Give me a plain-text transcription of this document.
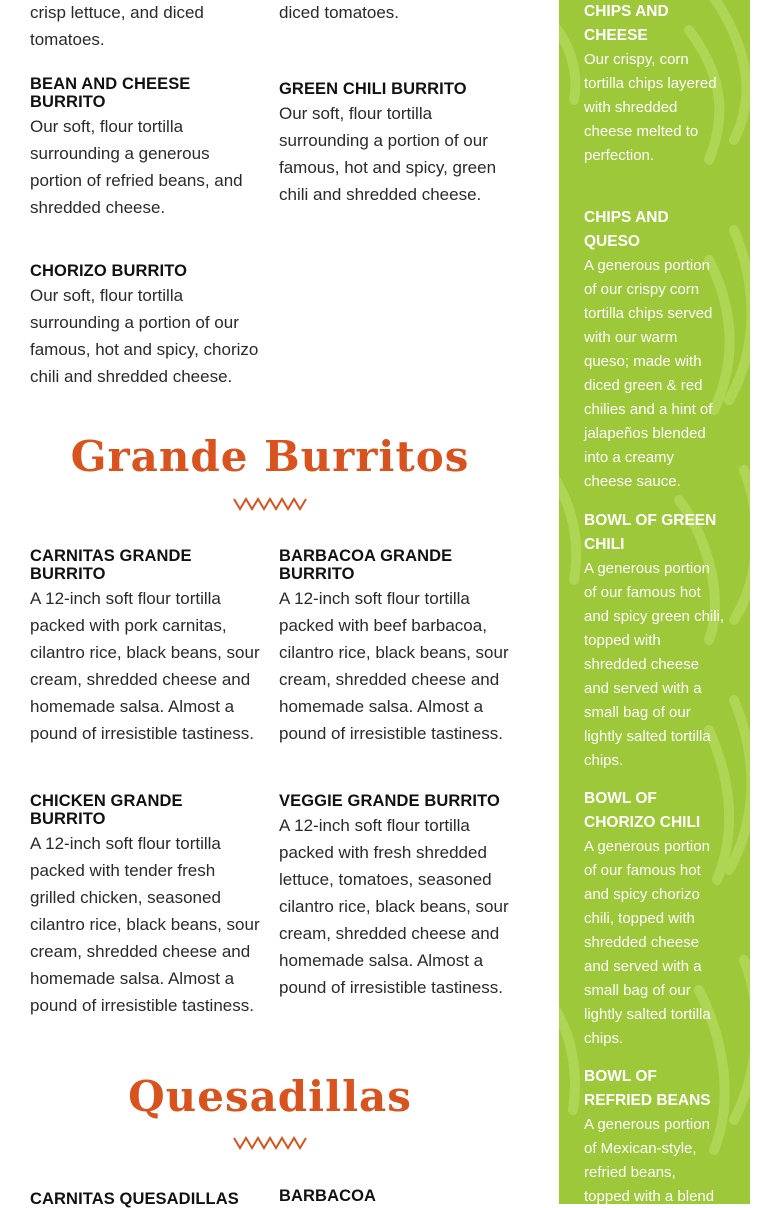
crisp lettuce, and diced tomatoes.

diced tomatoes.

BEAN AND CHEESE BURRITO

Our soft, flour tortilla surrounding a generous portion of refried beans, and shredded cheese.

GREEN CHILI BURRITO

Our soft, flour tortilla surrounding a portion of our famous, hot and spicy, green chili and shredded cheese.

CHORIZO BURRITO

Our soft, flour tortilla surrounding a portion of our famous, hot and spicy, chorizo chili and shredded cheese.

Grande Burritos
CARNITAS GRANDE BURRITO

A 12-inch soft flour tortilla packed with pork carnitas, cilantro rice, black beans, sour cream, shredded cheese and homemade salsa. Almost a pound of irresistible tastiness.

BARBACOA GRANDE BURRITO

A 12-inch soft flour tortilla packed with beef barbacoa, cilantro rice, black beans, sour cream, shredded cheese and homemade salsa. Almost a pound of irresistible tastiness.

CHICKEN GRANDE BURRITO

A 12-inch soft flour tortilla packed with tender fresh grilled chicken, seasoned cilantro rice, black beans, sour cream, shredded cheese and homemade salsa. Almost a pound of irresistible tastiness.

VEGGIE GRANDE BURRITO

A 12-inch soft flour tortilla packed with fresh shredded lettuce, tomatoes, seasoned cilantro rice, black beans, sour cream, shredded cheese and homemade salsa. Almost a pound of irresistible tastiness.

Quesadillas
CARNITAS QUESADILLAS	BARBACOA
CHIPS AND CHEESE

Our crispy, corn tortilla chips layered with shredded cheese melted to perfection.

CHIPS AND QUESO

A generous portion of our crispy corn tortilla chips served with our warm queso; made with diced green & red chilies and a hint of jalapeños blended into a creamy cheese sauce.

BOWL OF GREEN CHILI

A generous portion of our famous hot and spicy green chili, topped with shredded cheese and served with a small bag of our lightly salted tortilla chips.

BOWL OF CHORIZO CHILI

A generous portion of our famous hot and spicy chorizo chili, topped with shredded cheese and served with a small bag of our lightly salted tortilla chips.

BOWL OF REFRIED BEANS

A generous portion of Mexican-style, refried beans, topped with a blend
